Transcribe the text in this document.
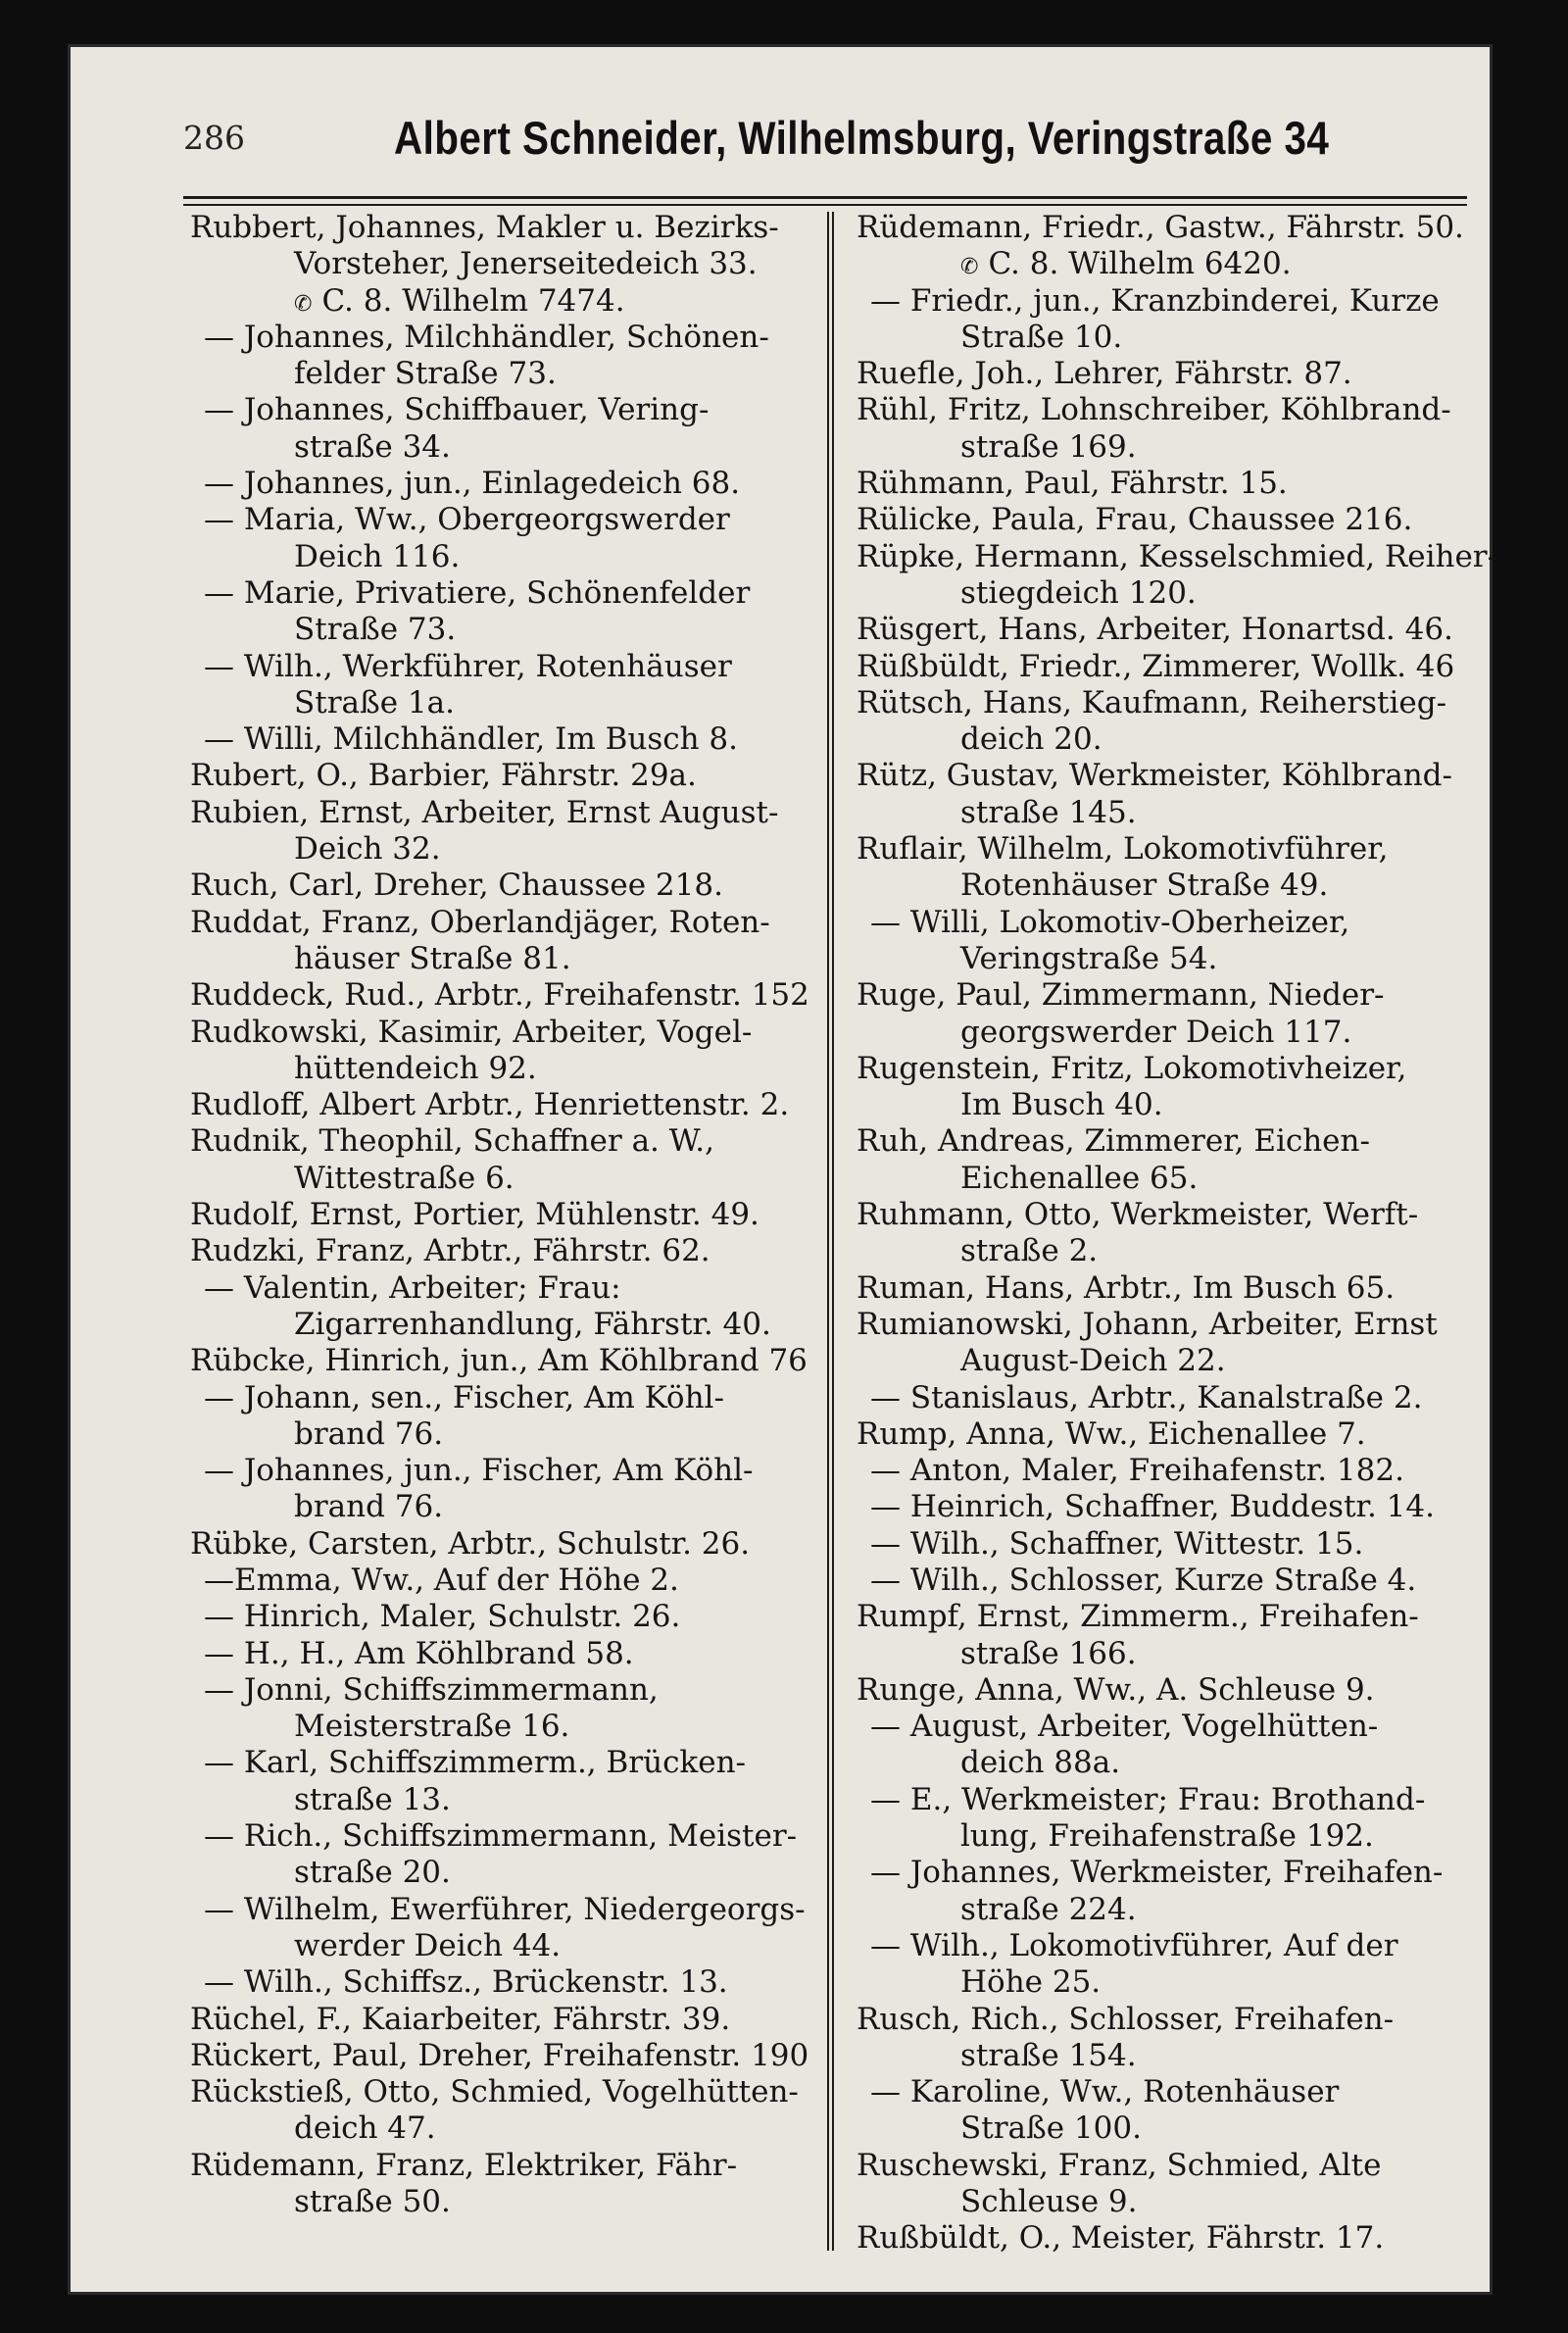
286	Albert Schneider, Wilhelmsburg, Veringstraße 34
Rubbert, Johannes, Makler u. Bezirks-
Vorsteher, Jenerseitedeich 33.
✆ C. 8. Wilhelm 7474.
— Johannes, Milchhändler, Schönen-
felder Straße 73.
— Johannes, Schiffbauer, Vering-
straße 34.
— Johannes, jun., Einlagedeich 68.
— Maria, Ww., Obergeorgswerder
Deich 116.
— Marie, Privatiere, Schönenfelder
Straße 73.
— Wilh., Werkführer, Rotenhäuser
Straße 1a.
— Willi, Milchhändler, Im Busch 8.
Rubert, O., Barbier, Fährstr. 29a.
Rubien, Ernst, Arbeiter, Ernst August-
Deich 32.
Ruch, Carl, Dreher, Chaussee 218.
Ruddat, Franz, Oberlandjäger, Roten-
häuser Straße 81.
Ruddeck, Rud., Arbtr., Freihafenstr. 152
Rudkowski, Kasimir, Arbeiter, Vogel-
hüttendeich 92.
Rudloff, Albert Arbtr., Henriettenstr. 2.
Rudnik, Theophil, Schaffner a. W.,
Wittestraße 6.
Rudolf, Ernst, Portier, Mühlenstr. 49.
Rudzki, Franz, Arbtr., Fährstr. 62.
— Valentin, Arbeiter; Frau:
Zigarrenhandlung, Fährstr. 40.
Rübcke, Hinrich, jun., Am Köhlbrand 76
— Johann, sen., Fischer, Am Köhl-
brand 76.
— Johannes, jun., Fischer, Am Köhl-
brand 76.
Rübke, Carsten, Arbtr., Schulstr. 26.
—Emma, Ww., Auf der Höhe 2.
— Hinrich, Maler, Schulstr. 26.
— H., H., Am Köhlbrand 58.
— Jonni, Schiffszimmermann,
Meisterstraße 16.
— Karl, Schiffszimmerm., Brücken-
straße 13.
— Rich., Schiffszimmermann, Meister-
straße 20.
— Wilhelm, Ewerführer, Niedergeorgs-
werder Deich 44.
— Wilh., Schiffsz., Brückenstr. 13.
Rüchel, F., Kaiarbeiter, Fährstr. 39.
Rückert, Paul, Dreher, Freihafenstr. 190
Rückstieß, Otto, Schmied, Vogelhütten-
deich 47.
Rüdemann, Franz, Elektriker, Fähr-
straße 50.
Rüdemann, Friedr., Gastw., Fährstr. 50.
✆ C. 8. Wilhelm 6420.
— Friedr., jun., Kranzbinderei, Kurze
Straße 10.
Ruefle, Joh., Lehrer, Fährstr. 87.
Rühl, Fritz, Lohnschreiber, Köhlbrand-
straße 169.
Rühmann, Paul, Fährstr. 15.
Rülicke, Paula, Frau, Chaussee 216.
Rüpke, Hermann, Kesselschmied, Reiher-
stiegdeich 120.
Rüsgert, Hans, Arbeiter, Honartsd. 46.
Rüßbüldt, Friedr., Zimmerer, Wollk. 46
Rütsch, Hans, Kaufmann, Reiherstieg-
deich 20.
Rütz, Gustav, Werkmeister, Köhlbrand-
straße 145.
Ruflair, Wilhelm, Lokomotivführer,
Rotenhäuser Straße 49.
— Willi, Lokomotiv-Oberheizer,
Veringstraße 54.
Ruge, Paul, Zimmermann, Nieder-
georgswerder Deich 117.
Rugenstein, Fritz, Lokomotivheizer,
Im Busch 40.
Ruh, Andreas, Zimmerer, Eichen-
Eichenallee 65.
Ruhmann, Otto, Werkmeister, Werft-
straße 2.
Ruman, Hans, Arbtr., Im Busch 65.
Rumianowski, Johann, Arbeiter, Ernst
August-Deich 22.
— Stanislaus, Arbtr., Kanalstraße 2.
Rump, Anna, Ww., Eichenallee 7.
— Anton, Maler, Freihafenstr. 182.
— Heinrich, Schaffner, Buddestr. 14.
— Wilh., Schaffner, Wittestr. 15.
— Wilh., Schlosser, Kurze Straße 4.
Rumpf, Ernst, Zimmerm., Freihafen-
straße 166.
Runge, Anna, Ww., A. Schleuse 9.
— August, Arbeiter, Vogelhütten-
deich 88a.
— E., Werkmeister; Frau: Brothand-
lung, Freihafenstraße 192.
— Johannes, Werkmeister, Freihafen-
straße 224.
— Wilh., Lokomotivführer, Auf der
Höhe 25.
Rusch, Rich., Schlosser, Freihafen-
straße 154.
— Karoline, Ww., Rotenhäuser
Straße 100.
Ruschewski, Franz, Schmied, Alte
Schleuse 9.
Rußbüldt, O., Meister, Fährstr. 17.
